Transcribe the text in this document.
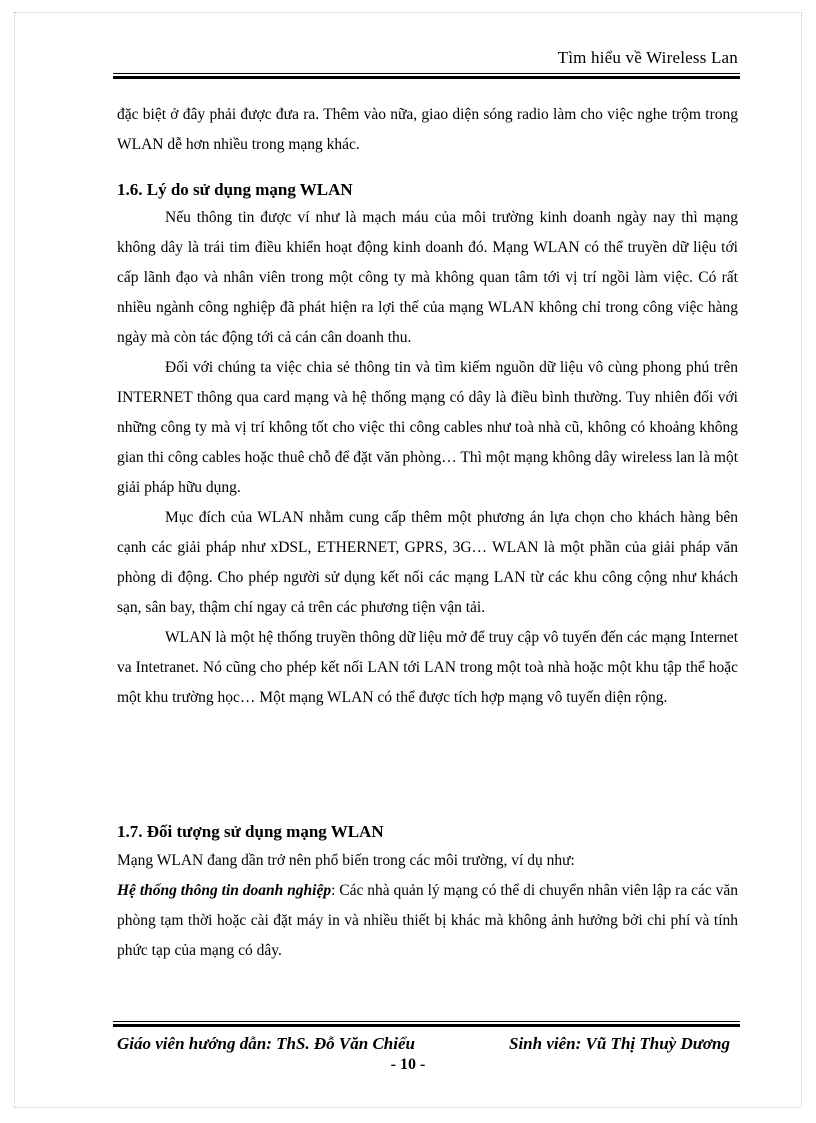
Tìm hiểu về Wireless Lan

đặc biệt ở đây phải được đưa ra. Thêm vào nữa, giao diện sóng radio làm cho việc nghe trộm trong WLAN dễ hơn nhiều trong mạng khác.

1.6. Lý do sử dụng mạng WLAN

Nếu thông tin được ví như là mạch máu của môi trường kinh doanh ngày nay thì mạng không dây là trái tim điều khiển hoạt động kinh doanh đó. Mạng WLAN có thể truyền dữ liệu tới cấp lãnh đạo và nhân viên trong một công ty mà không quan tâm tới vị trí ngồi làm việc. Có rất nhiều ngành công nghiệp đã phát hiện ra lợi thế của mạng WLAN không chỉ trong công việc hàng ngày mà còn tác động tới cả cán cân doanh thu.

Đối với chúng ta việc chia sẻ thông tin và tìm kiếm nguồn dữ liệu vô cùng phong phú trên INTERNET thông qua card mạng và hệ thống mạng có dây là điều bình thường. Tuy nhiên đối với những công ty mà vị trí không tốt cho việc thi công cables như toà nhà cũ, không có khoảng không gian thi công cables hoặc thuê chỗ để đặt văn phòng… Thì một mạng không dây wireless lan là một giải pháp hữu dụng.

Mục đích của WLAN nhằm cung cấp thêm một phương án lựa chọn cho khách hàng bên cạnh các giải pháp như xDSL, ETHERNET, GPRS, 3G… WLAN là một phần của giải pháp văn phòng di động. Cho phép người sử dụng kết nối các mạng LAN từ các khu công cộng như khách sạn, sân bay, thậm chí ngay cả trên các phương tiện vận tải.

WLAN là một hệ thống truyền thông dữ liệu mở để truy cập vô tuyến đến các mạng Internet va Intetranet. Nó cũng cho phép kết nối LAN tới LAN trong một toà nhà hoặc một khu tập thể hoặc một khu trường học… Một mạng WLAN có thể được tích hợp mạng vô tuyến diện rộng.

1.7. Đối tượng sử dụng mạng WLAN

Mạng WLAN đang dần trở nên phổ biến trong các môi trường, ví dụ như:

Hệ thống thông tin doanh nghiệp: Các nhà quản lý mạng có thể di chuyển nhân viên lập ra các văn phòng tạm thời hoặc cài đặt máy in và nhiều thiết bị khác mà không ảnh hưởng bởi chi phí và tính phức tạp của mạng có dây.

Giáo viên hướng dẫn: ThS. Đỗ Văn Chiểu	Sinh viên: Vũ Thị Thuỳ Dương
- 10 -
